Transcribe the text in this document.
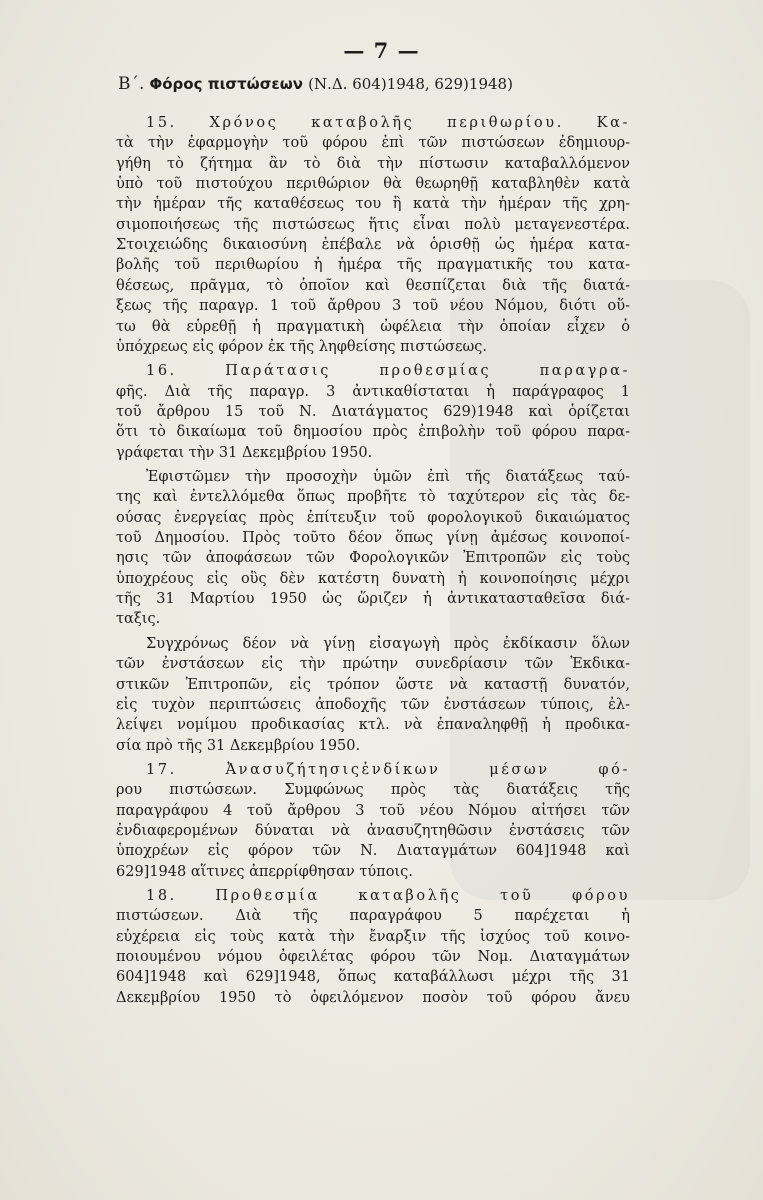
— 7 —
Β΄. Φόρος πιστώσεων (Ν.Δ. 604)1948, 629)1948)
15. Χρόνος καταβολῆς περιθωρίου. Κα-
τὰ τὴν ἐφαρμογὴν τοῦ φόρου ἐπὶ τῶν πιστώσεων ἐδημιουρ-
γήθη τὸ ζήτημα ἂν τὸ διὰ τὴν πίστωσιν καταβαλλόμενον
ὑπὸ τοῦ πιστούχου περιθώριον θὰ θεωρηθῇ καταβληθὲν κατὰ
τὴν ἡμέραν τῆς καταθέσεως του ἢ κατὰ τὴν ἡμέραν τῆς χρη-
σιμοποιήσεως τῆς πιστώσεως ἥτις εἶναι πολὺ μεταγενεστέρα.
Στοιχειώδης δικαιοσύνη ἐπέβαλε νὰ ὁρισθῇ ὡς ἡμέρα κατα-
βολῆς τοῦ περιθωρίου ἡ ἡμέρα τῆς πραγματικῆς του κατα-
θέσεως, πρᾶγμα, τὸ ὁποῖον καὶ θεσπίζεται διὰ τῆς διατά-
ξεως τῆς παραγρ. 1 τοῦ ἄρθρου 3 τοῦ νέου Νόμου, διότι οὕ-
τω θὰ εὑρεθῇ ἡ πραγματικὴ ὠφέλεια τὴν ὁποίαν εἶχεν ὁ
ὑπόχρεως εἰς φόρον ἐκ τῆς ληφθείσης πιστώσεως.
16. Παράτασις προθεσμίας παραγρα-
φῆς. Διὰ τῆς παραγρ. 3 ἀντικαθίσταται ἡ παράγραφος 1
τοῦ ἄρθρου 15 τοῦ Ν. Διατάγματος 629)1948 καὶ ὁρίζεται
ὅτι τὸ δικαίωμα τοῦ δημοσίου πρὸς ἐπιβολὴν τοῦ φόρου παρα-
γράφεται τὴν 31 Δεκεμβρίου 1950.
Ἐφιστῶμεν τὴν προσοχὴν ὑμῶν ἐπὶ τῆς διατάξεως ταύ-
της καὶ ἐντελλόμεθα ὅπως προβῆτε τὸ ταχύτερον εἰς τὰς δε-
ούσας ἐνεργείας πρὸς ἐπίτευξιν τοῦ φορολογικοῦ δικαιώματος
τοῦ Δημοσίου. Πρὸς τοῦτο δέον ὅπως γίνῃ ἀμέσως κοινοποί-
ησις τῶν ἀποφάσεων τῶν Φορολογικῶν Ἐπιτροπῶν εἰς τοὺς
ὑποχρέους εἰς οὓς δὲν κατέστη δυνατὴ ἡ κοινοποίησις μέχρι
τῆς 31 Μαρτίου 1950 ὡς ὥριζεν ἡ ἀντικατασταθεῖσα διά-
ταξις.
Συγχρόνως δέον νὰ γίνῃ εἰσαγωγὴ πρὸς ἐκδίκασιν ὅλων
τῶν ἐνστάσεων εἰς τὴν πρώτην συνεδρίασιν τῶν Ἐκδικα-
στικῶν Ἐπιτροπῶν, εἰς τρόπον ὥστε νὰ καταστῇ δυνατόν,
εἰς τυχὸν περιπτώσεις ἀποδοχῆς τῶν ἐνστάσεων τύποις, ἐλ-
λείψει νομίμου προδικασίας κτλ. νὰ ἐπαναληφθῇ ἡ προδικα-
σία πρὸ τῆς 31 Δεκεμβρίου 1950.
17. Ἀνασυζήτησιςἐνδίκων μέσων φό-
ρου πιστώσεων. Συμφώνως πρὸς τὰς διατάξεις τῆς
παραγράφου 4 τοῦ ἄρθρου 3 τοῦ νέου Νόμου αἰτήσει τῶν
ἐνδιαφερομένων δύναται νὰ ἀνασυζητηθῶσιν ἐνστάσεις τῶν
ὑποχρέων εἰς φόρον τῶν Ν. Διαταγμάτων 604]1948 καὶ
629]1948 αἵτινες ἀπερρίφθησαν τύποις.
18. Προθεσμία καταβολῆς τοῦ φόρου
πιστώσεων. Διὰ τῆς παραγράφου 5 παρέχεται ἡ
εὐχέρεια εἰς τοὺς κατὰ τὴν ἔναρξιν τῆς ἰσχύος τοῦ κοινο-
ποιουμένου νόμου ὀφειλέτας φόρου τῶν Νομ. Διαταγμάτων
604]1948 καὶ 629]1948, ὅπως καταβάλλωσι μέχρι τῆς 31
Δεκεμβρίου 1950 τὸ ὀφειλόμενον ποσὸν τοῦ φόρου ἄνευ
